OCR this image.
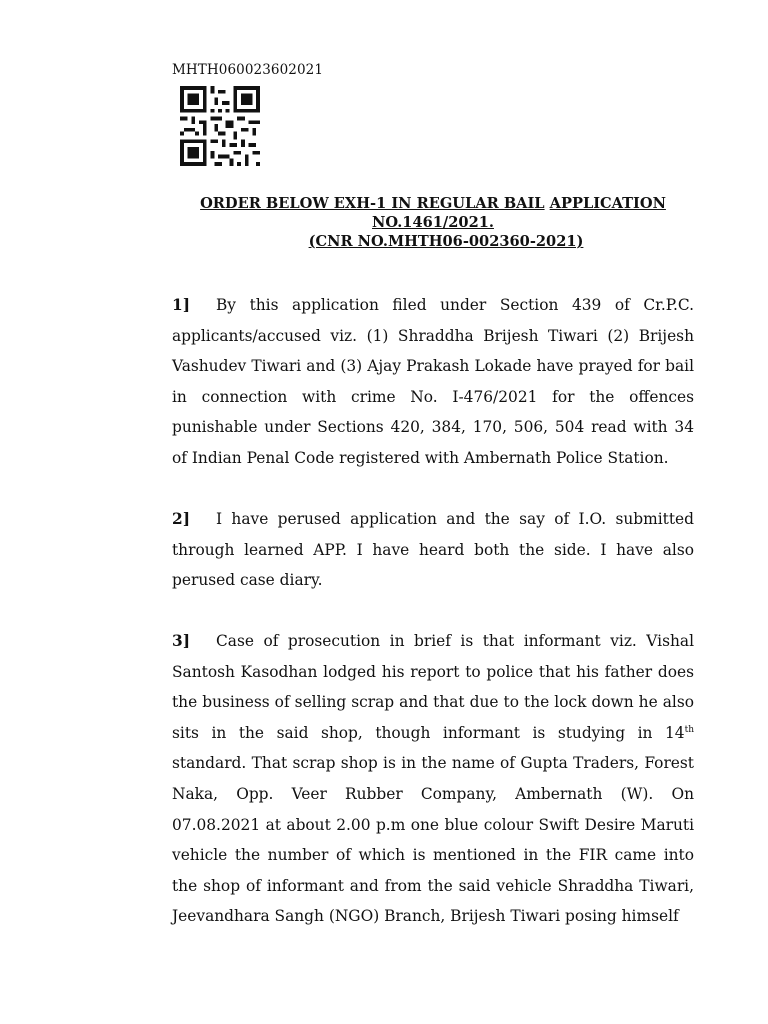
MHTH060023602021
ORDER BELOW EXH-1 IN REGULAR BAIL APPLICATION
NO.1461/2021.
(CNR NO.MHTH06-002360-2021)
1] By this application filed under Section 439 of Cr.P.C. applicants/accused viz. (1) Shraddha Brijesh Tiwari (2) Brijesh Vashudev Tiwari and (3) Ajay Prakash Lokade have prayed for bail in connection with crime No. I-476/2021 for the offences punishable under Sections 420, 384, 170, 506, 504 read with 34 of Indian Penal Code registered with Ambernath Police Station.
2] I have perused application and the say of I.O. submitted through learned APP. I have heard both the side. I have also perused case diary.
3] Case of prosecution in brief is that informant viz. Vishal Santosh Kasodhan lodged his report to police that his father does the business of selling scrap and that due to the lock down he also sits in the said shop, though informant is studying in 14th standard. That scrap shop is in the name of Gupta Traders, Forest Naka, Opp. Veer Rubber Company, Ambernath (W). On 07.08.2021 at about 2.00 p.m one blue colour Swift Desire Maruti vehicle the number of which is mentioned in the FIR came into the shop of informant and from the said vehicle Shraddha Tiwari, Jeevandhara Sangh (NGO) Branch, Brijesh Tiwari posing himself
